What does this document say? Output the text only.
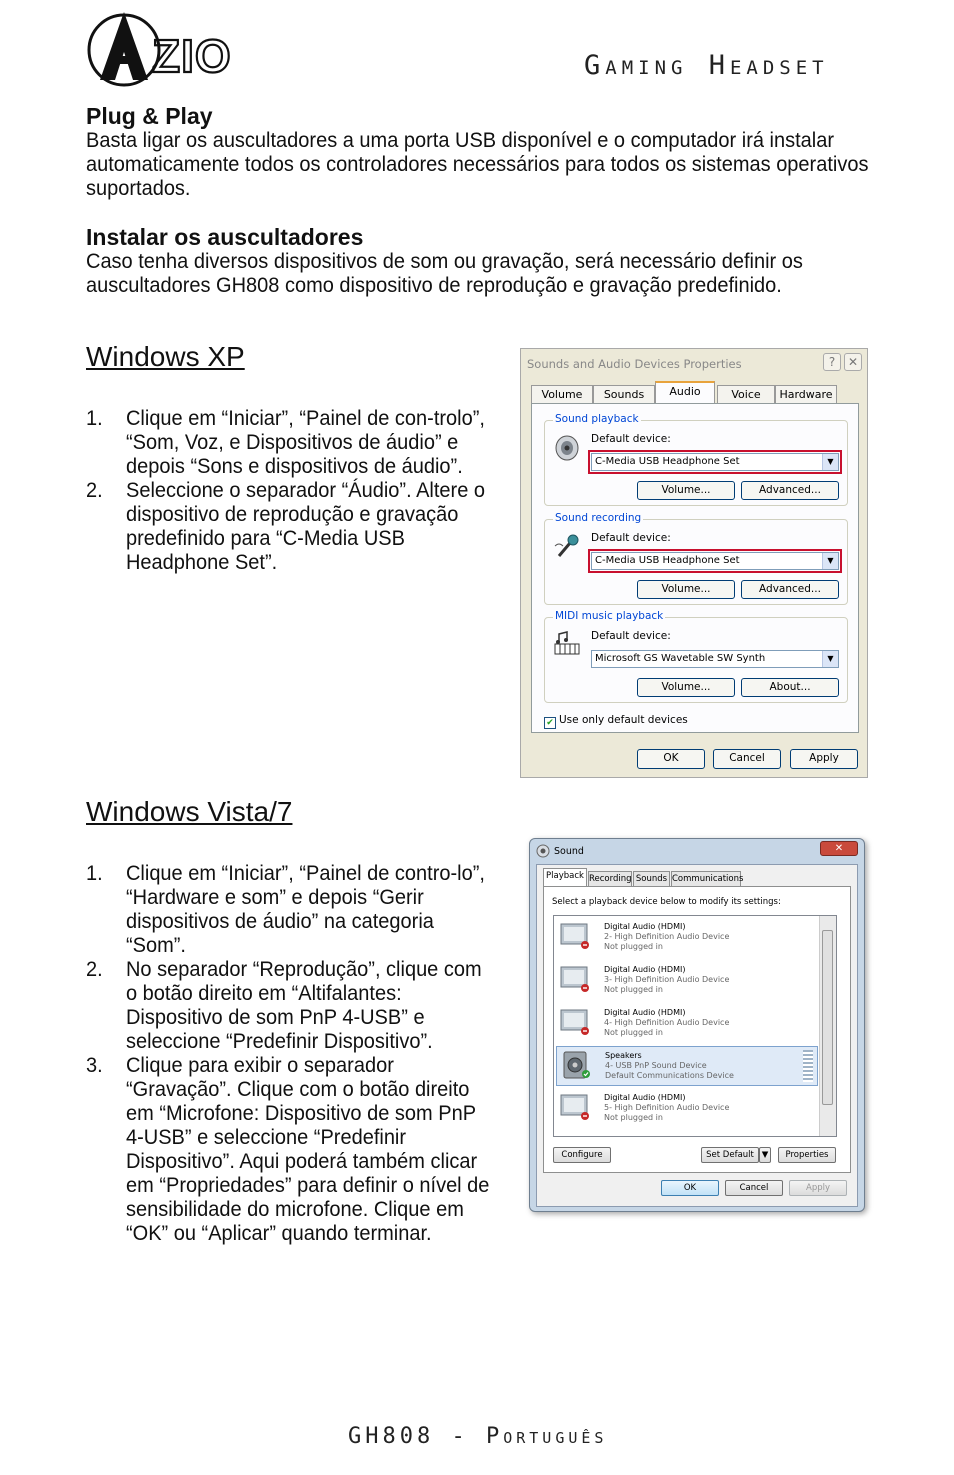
ZIO	Gaming Headset
Plug & Play
Basta ligar os auscultadores a uma porta USB disponível e o computador irá instalar automaticamente todos os controladores necessários para todos os sistemas operativos suportados.
Instalar os auscultadores
Caso tenha diversos dispositivos de som ou gravação, será necessário definir os auscultadores GH808 como dispositivo de reprodução e gravação predefinido.
Windows XP
1. Clique em “Iniciar”, “Painel de con-trolo”, “Som, Voz, e Dispositivos de áudio” e depois “Sons e dispositivos de áudio”.
2. Seleccione o separador “Áudio”. Altere o dispositivo de reprodução e gravação predefinido para “C-Media USB Headphone Set”.
Sounds and Audio Devices Properties	?	✕
Volume	Sounds	Audio	Voice	Hardware
Sound playback
Default device:
C-Media USB Headphone Set	▼
Volume...	Advanced...
Sound recording
Default device:
C-Media USB Headphone Set	▼
Volume...	Advanced...
MIDI music playback
Default device:
Microsoft GS Wavetable SW Synth	▼
Volume...	About...
✔ Use only default devices
OK	Cancel	Apply
Windows Vista/7
1. Clique em “Iniciar”, “Painel de contro-lo”, “Hardware e som” e depois “Gerir dispositivos de áudio” na categoria “Som”.
2. No separador “Reprodução”, clique com o botão direito em “Altifalantes: Dispositivo de som PnP 4-USB” e seleccione “Predefinir Dispositivo”.
3. Clique para exibir o separador “Gravação”. Clique com o botão direito em “Microfone: Dispositivo de som PnP 4-USB” e seleccione “Predefinir Dispositivo”. Aqui poderá também clicar em “Propriedades” para definir o nível de sensibilidade do microfone. Clique em “OK” ou “Aplicar” quando terminar.
Sound	✕
Playback Recording Sounds Communications
Select a playback device below to modify its settings:
Digital Audio (HDMI)
2- High Definition Audio Device
Not plugged in
Digital Audio (HDMI)
3- High Definition Audio Device
Not plugged in
Digital Audio (HDMI)
4- High Definition Audio Device
Not plugged in
Speakers
4- USB PnP Sound Device
Default Communications Device
Digital Audio (HDMI)
5- High Definition Audio Device
Not plugged in
Configure	Set Default ▼	Properties
OK	Cancel	Apply
GH808 - Português
